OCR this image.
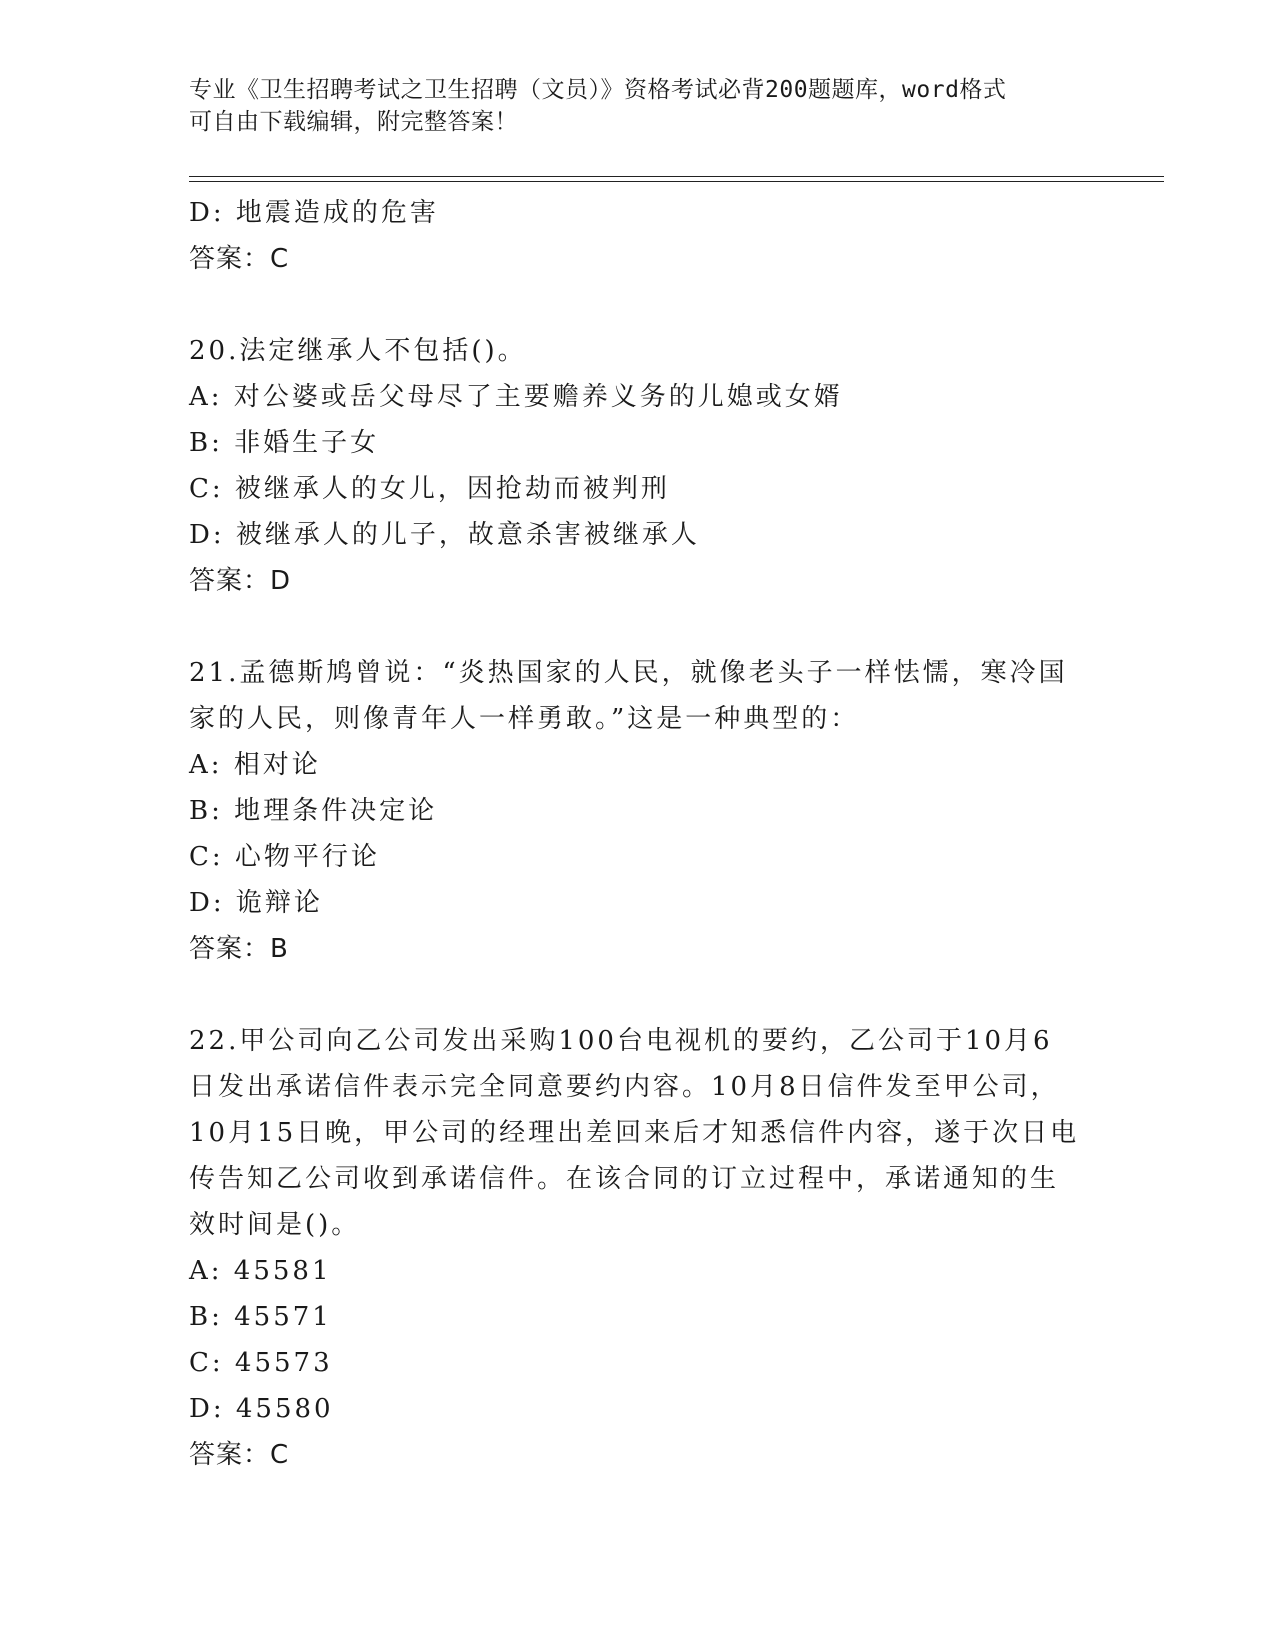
专业《卫生招聘考试之卫生招聘（文员）》资格考试必背200题题库，word格式
可自由下载编辑，附完整答案！
D: 地震造成的危害
答案：C
20.法定继承人不包括()。
A: 对公婆或岳父母尽了主要赡养义务的儿媳或女婿
B: 非婚生子女
C: 被继承人的女儿，因抢劫而被判刑
D: 被继承人的儿子，故意杀害被继承人
答案：D
21.孟德斯鸠曾说：“炎热国家的人民，就像老头子一样怯懦，寒冷国
家的人民，则像青年人一样勇敢。”这是一种典型的：
A: 相对论
B: 地理条件决定论
C: 心物平行论
D: 诡辩论
答案：B
22.甲公司向乙公司发出采购100台电视机的要约，乙公司于10月6
日发出承诺信件表示完全同意要约内容。10月8日信件发至甲公司，
10月15日晚，甲公司的经理出差回来后才知悉信件内容，遂于次日电
传告知乙公司收到承诺信件。在该合同的订立过程中，承诺通知的生
效时间是()。
A: 45581
B: 45571
C: 45573
D: 45580
答案：C
